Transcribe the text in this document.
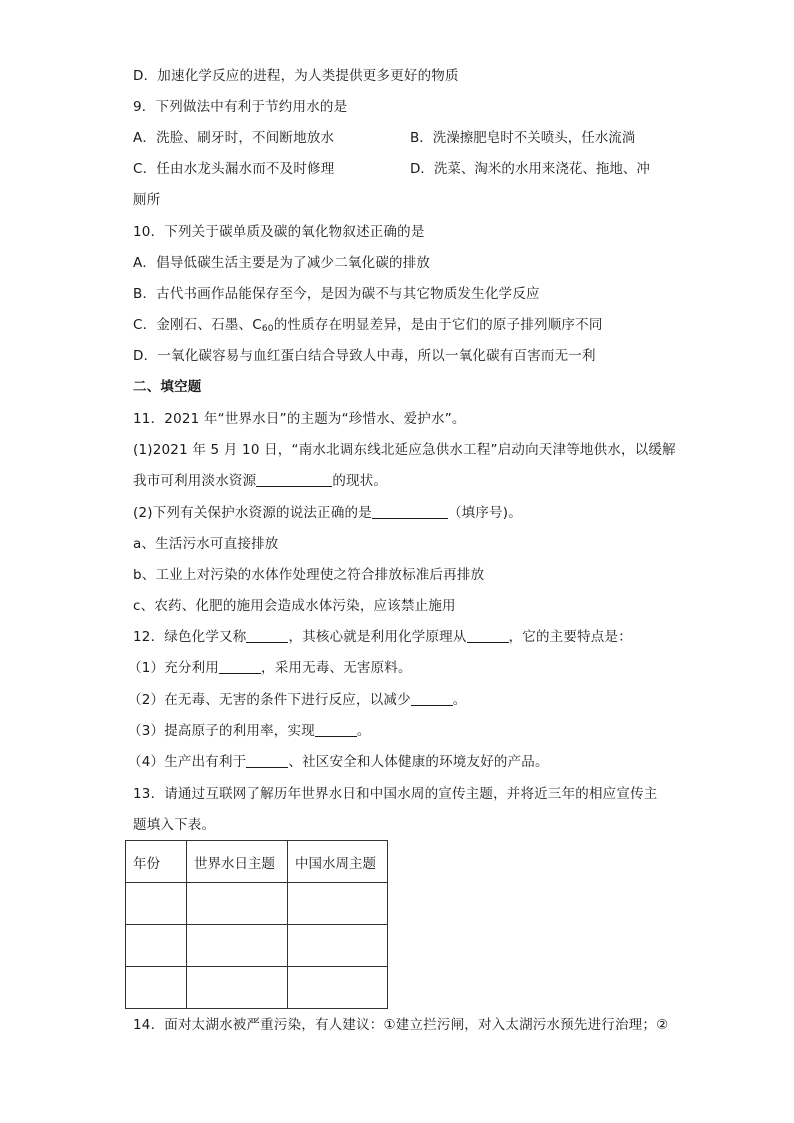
D．加速化学反应的进程，为人类提供更多更好的物质
9．下列做法中有利于节约用水的是
A．洗脸、刷牙时，不间断地放水	B．洗澡擦肥皂时不关喷头，任水流淌
C．任由水龙头漏水而不及时修理	D．洗菜、淘米的水用来浇花、拖地、冲
厕所
10．下列关于碳单质及碳的氧化物叙述正确的是
A．倡导低碳生活主要是为了减少二氧化碳的排放
B．古代书画作品能保存至今，是因为碳不与其它物质发生化学反应
C．金刚石、石墨、$C_{60}$的性质存在明显差异，是由于它们的原子排列顺序不同
D．一氧化碳容易与血红蛋白结合导致人中毒，所以一氧化碳有百害而无一利
二、填空题
11．2021 年“世界水日”的主题为“珍惜水、爱护水”。
(1)2021 年 5 月 10 日，“南水北调东线北延应急供水工程”启动向天津等地供水，以缓解
我市可利用淡水资源	的现状。
(2)下列有关保护水资源的说法正确的是	（填序号)。
a、生活污水可直接排放
b、工业上对污染的水体作处理使之符合排放标准后再排放
c、农药、化肥的施用会造成水体污染，应该禁止施用
12．绿色化学又称	，其核心就是利用化学原理从	，它的主要特点是：
（1）充分利用	，采用无毒、无害原料。
（2）在无毒、无害的条件下进行反应，以减少	。
（3）提高原子的利用率，实现	。
（4）生产出有利于	、社区安全和人体健康的环境友好的产品。
13．请通过互联网了解历年世界水日和中国水周的宣传主题，并将近三年的相应宣传主
题填入下表。
年份	世界水日主题	中国水周主题

14．面对太湖水被严重污染，有人建议：①建立拦污闸，对入太湖污水预先进行治理；②
